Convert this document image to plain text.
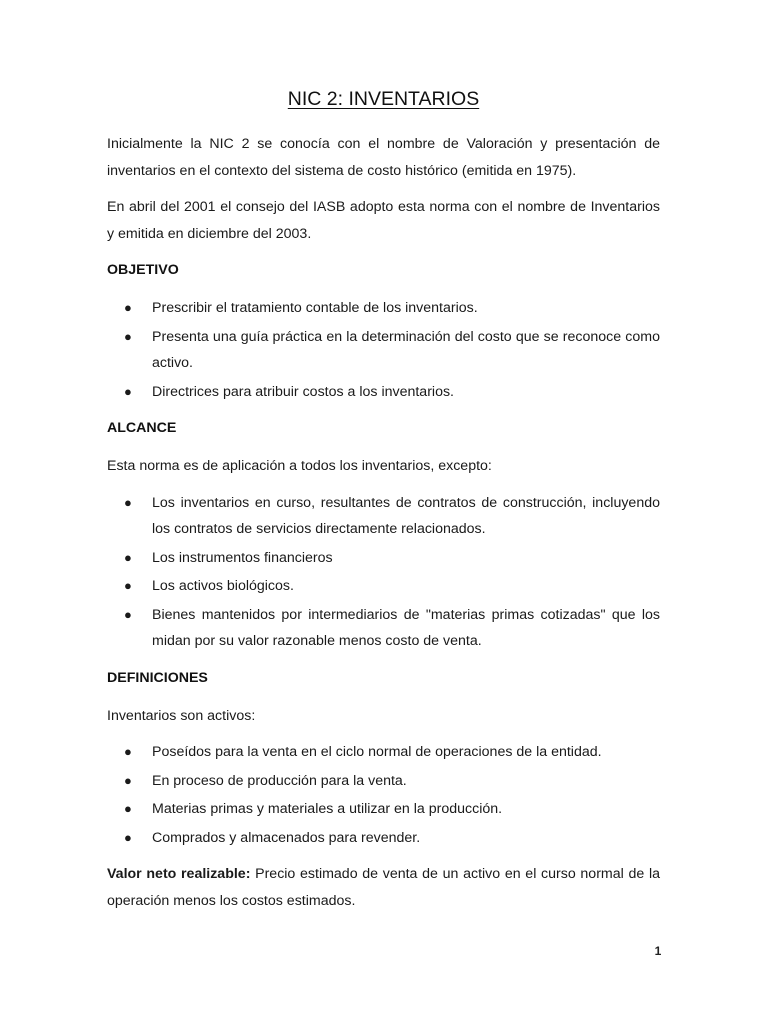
NIC 2: INVENTARIOS

Inicialmente la NIC 2 se conocía con el nombre de Valoración y presentación de inventarios en el contexto del sistema de costo histórico (emitida en 1975).

En abril del 2001 el consejo del IASB adopto esta norma con el nombre de Inventarios y emitida en diciembre del 2003.

OBJETIVO
● Prescribir el tratamiento contable de los inventarios.
● Presenta una guía práctica en la determinación del costo que se reconoce como activo.
● Directrices para atribuir costos a los inventarios.
ALCANCE

Esta norma es de aplicación a todos los inventarios, excepto:

● Los inventarios en curso, resultantes de contratos de construcción, incluyendo los contratos de servicios directamente relacionados.
● Los instrumentos financieros
● Los activos biológicos.
● Bienes mantenidos por intermediarios de "materias primas cotizadas" que los midan por su valor razonable menos costo de venta.
DEFINICIONES

Inventarios son activos:

● Poseídos para la venta en el ciclo normal de operaciones de la entidad.
● En proceso de producción para la venta.
● Materias primas y materiales a utilizar en la producción.
● Comprados y almacenados para revender.

Valor neto realizable: Precio estimado de venta de un activo en el curso normal de la operación menos los costos estimados.

1
